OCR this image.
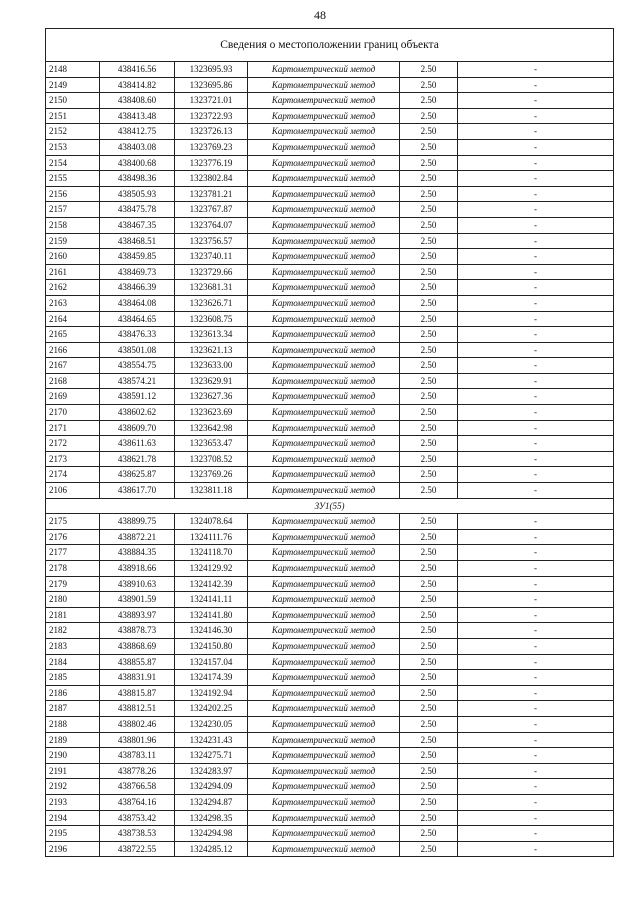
48
Сведения о местоположении границ объекта					
2148	438416.56	1323695.93	Картометрический метод	2.50	-
2149	438414.82	1323695.86	Картометрический метод	2.50	-
2150	438408.60	1323721.01	Картометрический метод	2.50	-
2151	438413.48	1323722.93	Картометрический метод	2.50	-
2152	438412.75	1323726.13	Картометрический метод	2.50	-
2153	438403.08	1323769.23	Картометрический метод	2.50	-
2154	438400.68	1323776.19	Картометрический метод	2.50	-
2155	438498.36	1323802.84	Картометрический метод	2.50	-
2156	438505.93	1323781.21	Картометрический метод	2.50	-
2157	438475.78	1323767.87	Картометрический метод	2.50	-
2158	438467.35	1323764.07	Картометрический метод	2.50	-
2159	438468.51	1323756.57	Картометрический метод	2.50	-
2160	438459.85	1323740.11	Картометрический метод	2.50	-
2161	438469.73	1323729.66	Картометрический метод	2.50	-
2162	438466.39	1323681.31	Картометрический метод	2.50	-
2163	438464.08	1323626.71	Картометрический метод	2.50	-
2164	438464.65	1323608.75	Картометрический метод	2.50	-
2165	438476.33	1323613.34	Картометрический метод	2.50	-
2166	438501.08	1323621.13	Картометрический метод	2.50	-
2167	438554.75	1323633.00	Картометрический метод	2.50	-
2168	438574.21	1323629.91	Картометрический метод	2.50	-
2169	438591.12	1323627.36	Картометрический метод	2.50	-
2170	438602.62	1323623.69	Картометрический метод	2.50	-
2171	438609.70	1323642.98	Картометрический метод	2.50	-
2172	438611.63	1323653.47	Картометрический метод	2.50	-
2173	438621.78	1323708.52	Картометрический метод	2.50	-
2174	438625.87	1323769.26	Картометрический метод	2.50	-
2106	438617.70	1323811.18	Картометрический метод	2.50	-
ЗУ1(55)					
2175	438899.75	1324078.64	Картометрический метод	2.50	-
2176	438872.21	1324111.76	Картометрический метод	2.50	-
2177	438884.35	1324118.70	Картометрический метод	2.50	-
2178	438918.66	1324129.92	Картометрический метод	2.50	-
2179	438910.63	1324142.39	Картометрический метод	2.50	-
2180	438901.59	1324141.11	Картометрический метод	2.50	-
2181	438893.97	1324141.80	Картометрический метод	2.50	-
2182	438878.73	1324146.30	Картометрический метод	2.50	-
2183	438868.69	1324150.80	Картометрический метод	2.50	-
2184	438855.87	1324157.04	Картометрический метод	2.50	-
2185	438831.91	1324174.39	Картометрический метод	2.50	-
2186	438815.87	1324192.94	Картометрический метод	2.50	-
2187	438812.51	1324202.25	Картометрический метод	2.50	-
2188	438802.46	1324230.05	Картометрический метод	2.50	-
2189	438801.96	1324231.43	Картометрический метод	2.50	-
2190	438783.11	1324275.71	Картометрический метод	2.50	-
2191	438778.26	1324283.97	Картометрический метод	2.50	-
2192	438766.58	1324294.09	Картометрический метод	2.50	-
2193	438764.16	1324294.87	Картометрический метод	2.50	-
2194	438753.42	1324298.35	Картометрический метод	2.50	-
2195	438738.53	1324294.98	Картометрический метод	2.50	-
2196	438722.55	1324285.12	Картометрический метод	2.50	-
